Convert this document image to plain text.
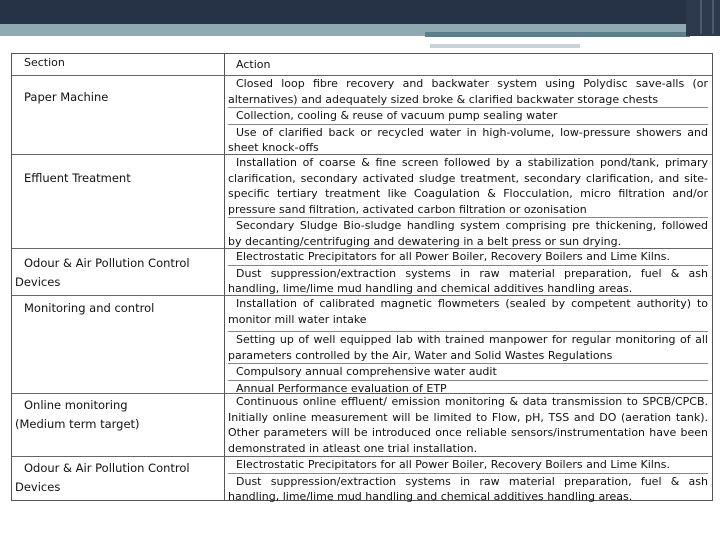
Section	Action
Paper Machine
Closed loop fibre recovery and backwater system using Polydisc save-alls (or alternatives) and adequately sized broke & clarified backwater storage chests
Collection, cooling & reuse of vacuum pump sealing water
Use of clarified back or recycled water in high-volume, low-pressure showers and sheet knock-offs
Effluent Treatment
Installation of coarse & fine screen followed by a stabilization pond/tank, primary clarification, secondary activated sludge treatment, secondary clarification, and site-specific tertiary treatment like Coagulation & Flocculation, micro filtration and/or pressure sand filtration, activated carbon filtration or ozonisation
Secondary Sludge Bio-sludge handling system comprising pre thickening, followed by decanting/centrifuging and dewatering in a belt press or sun drying.
Odour & Air Pollution Control
Devices
Electrostatic Precipitators for all Power Boiler, Recovery Boilers and Lime Kilns.
Dust suppression/extraction systems in raw material preparation, fuel & ash handling, lime/lime mud handling and chemical additives handling areas.
Monitoring and control	Installation of calibrated magnetic flowmeters (sealed by competent authority) to monitor mill water intake
Setting up of well equipped lab with trained manpower for regular monitoring of all parameters controlled by the Air, Water and Solid Wastes Regulations
Compulsory annual comprehensive water audit
Annual Performance evaluation of ETP
Online monitoring
(Medium term target)
Continuous online effluent/ emission monitoring & data transmission to SPCB/CPCB. Initially online measurement will be limited to Flow, pH, TSS and DO (aeration tank). Other parameters will be introduced once reliable sensors/instrumentation have been demonstrated in atleast one trial installation.
Odour & Air Pollution Control
Devices
Electrostatic Precipitators for all Power Boiler, Recovery Boilers and Lime Kilns.
Dust suppression/extraction systems in raw material preparation, fuel & ash handling, lime/lime mud handling and chemical additives handling areas.
